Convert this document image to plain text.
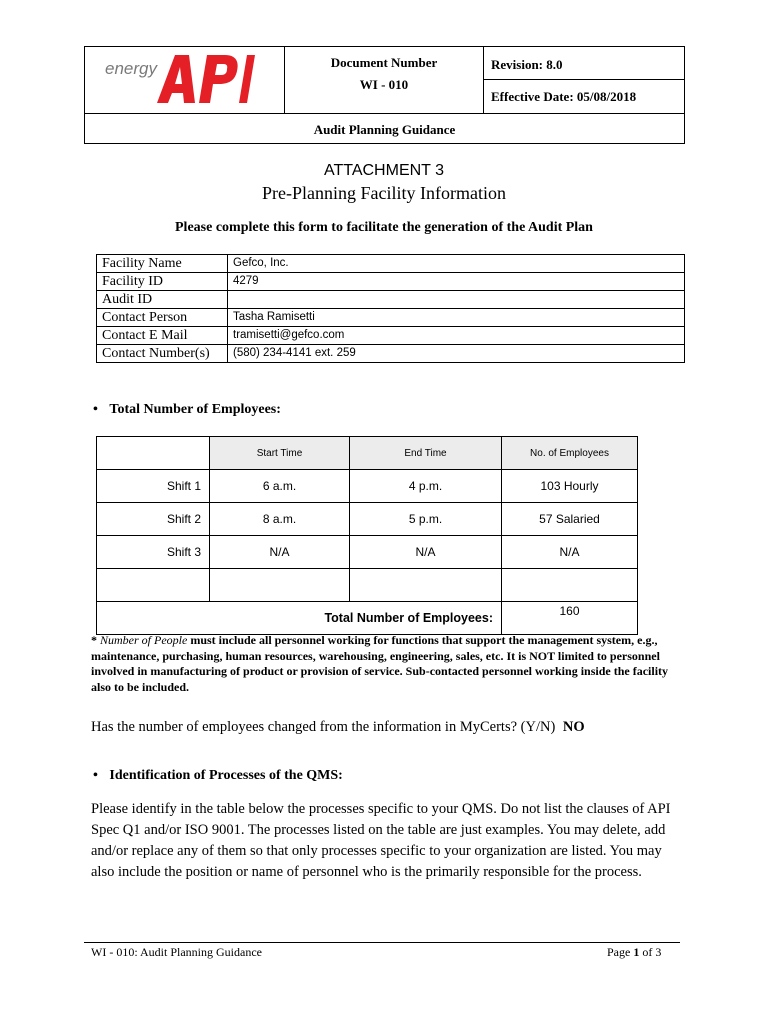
energy	Document Number
WI - 010
Revision: 8.0
Effective Date: 05/08/2018
Audit Planning Guidance
ATTACHMENT 3
Pre-Planning Facility Information
Please complete this form to facilitate the generation of the Audit Plan
Facility Name	Gefco, Inc.
Facility ID	4279
Audit ID	
Contact Person	Tasha Ramisetti
Contact E Mail	tramisetti@gefco.com
Contact Number(s)	(580) 234-4141 ext. 259
• Total Number of Employees:
	Start Time	End Time	No. of Employees
Shift 1	6 a.m.	4 p.m.	103 Hourly
Shift 2	8 a.m.	5 p.m.	57 Salaried
Shift 3	N/A	N/A	N/A

Total Number of Employees:			160
* Number of People must include all personnel working for functions that support the management system, e.g., maintenance, purchasing, human resources, warehousing, engineering, sales, etc. It is NOT limited to personnel involved in manufacturing of product or provision of service. Sub-contacted personnel working inside the facility also to be included.
Has the number of employees changed from the information in MyCerts? (Y/N) NO
• Identification of Processes of the QMS:
Please identify in the table below the processes specific to your QMS. Do not list the clauses of API Spec Q1 and/or ISO 9001. The processes listed on the table are just examples. You may delete, add and/or replace any of them so that only processes specific to your organization are listed. You may also include the position or name of personnel who is the primarily responsible for the process.
WI - 010: Audit Planning Guidance	Page 1 of 3
